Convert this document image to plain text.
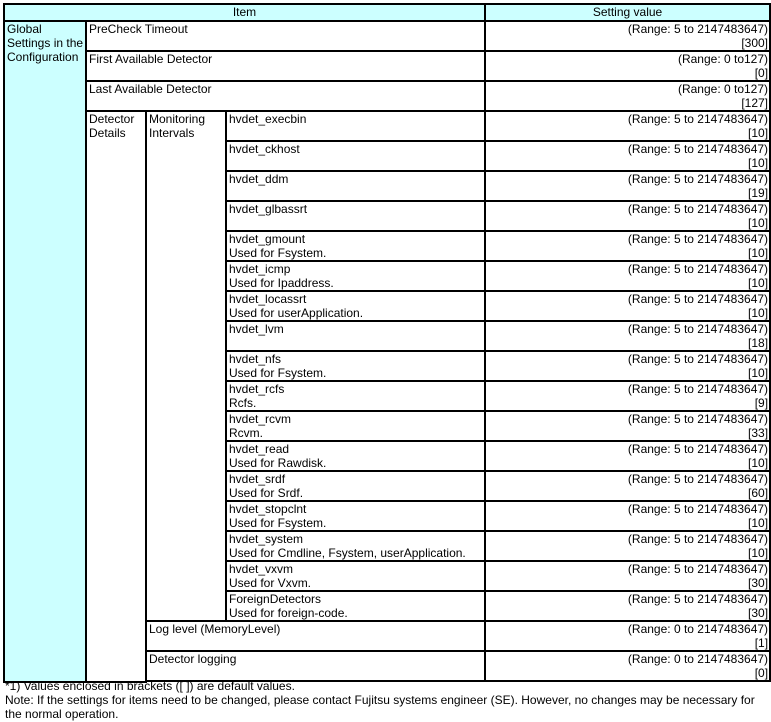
Item				Setting value
Global Settings in the Configuration	PreCheck Timeout			(Range: 5 to 2147483647)
[300]

	First Available Detector			(Range: 0 to127)
[0]

	Last Available Detector			(Range: 0 to127)
[127]

	Detector Details	Monitoring Intervals	hvdet_execbin	(Range: 5 to 2147483647)
[10]

			hvdet_ckhost	(Range: 5 to 2147483647)
[10]

			hvdet_ddm	(Range: 5 to 2147483647)
[19]

			hvdet_glbassrt	(Range: 5 to 2147483647)
[10]

			hvdet_gmount
Used for Fsystem.	(Range: 5 to 2147483647)
[10]

			hvdet_icmp
Used for Ipaddress.	(Range: 5 to 2147483647)
[10]

			hvdet_locassrt
Used for userApplication.	(Range: 5 to 2147483647)
[10]

			hvdet_lvm	(Range: 5 to 2147483647)
[18]

			hvdet_nfs
Used for Fsystem.	(Range: 5 to 2147483647)
[10]

			hvdet_rcfs
Rcfs.	(Range: 5 to 2147483647)
[9]

			hvdet_rcvm
Rcvm.	(Range: 5 to 2147483647)
[33]

			hvdet_read
Used for Rawdisk.	(Range: 5 to 2147483647)
[10]

			hvdet_srdf
Used for Srdf.	(Range: 5 to 2147483647)
[60]

			hvdet_stopclnt
Used for Fsystem.	(Range: 5 to 2147483647)
[10]

			hvdet_system
Used for Cmdline, Fsystem, userApplication.	(Range: 5 to 2147483647)
[10]

			hvdet_vxvm
Used for Vxvm.	(Range: 5 to 2147483647)
[30]

			ForeignDetectors
Used for foreign-code.	(Range: 5 to 2147483647)
[30]

		Log level (MemoryLevel)		(Range: 0 to 2147483647)
[1]

		Detector logging		(Range: 0 to 2147483647)
[0]

*1) Values enclosed in brackets ([ ]) are default values.
Note: If the settings for items need to be changed, please contact Fujitsu systems engineer (SE). However, no changes may be necessary for the normal operation.
